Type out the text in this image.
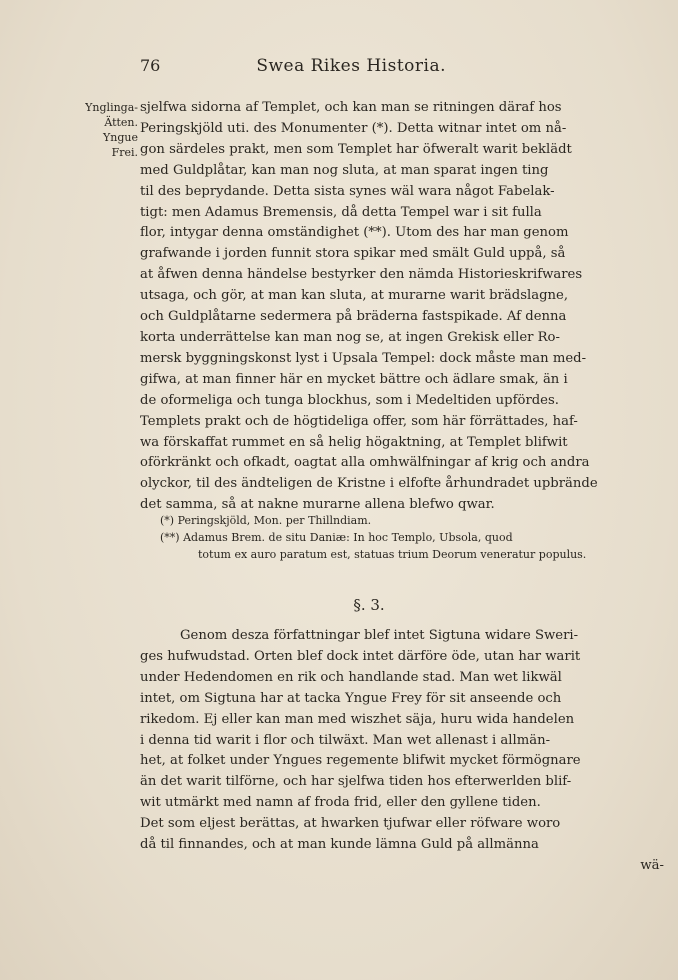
76	Swea Rikes Historia.
Ynglinga-
Ätten.
Yngue
Frei.
sjelfwa sidorna af Templet, och kan man se ritningen däraf hos
Peringskjöld uti. des Monumenter (*). Detta witnar intet om nå-
gon särdeles prakt, men som Templet har öfweralt warit beklädt
med Guldplåtar, kan man nog sluta, at man sparat ingen ting
til des beprydande. Detta sista synes wäl wara något Fabelak-
tigt: men Adamus Bremensis, då detta Tempel war i sit fulla
flor, intygar denna omständighet (**). Utom des har man genom
grafwande i jorden funnit stora spikar med smält Guld uppå, så
at åfwen denna händelse bestyrker den nämda Historieskrifwares
utsaga, och gör, at man kan sluta, at murarne warit brädslagne,
och Guldplåtarne sedermera på bräderna fastspikade. Af denna
korta underrättelse kan man nog se, at ingen Grekisk eller Ro-
mersk byggningskonst lyst i Upsala Tempel: dock måste man med-
gifwa, at man finner här en mycket bättre och ädlare smak, än i
de oformeliga och tunga blockhus, som i Medeltiden upfördes.
Templets prakt och de högtideliga offer, som här förrättades, haf-
wa förskaffat rummet en så helig högaktning, at Templet blifwit
oförkränkt och ofkadt, oagtat alla omhwälfningar af krig och andra
olyckor, til des ändteligen de Kristne i elfofte århundradet upbrände
det samma, så at nakne murarne allena blefwo qwar.
(*) Peringskjöld, Mon. per Thillndiam.
(**) Adamus Brem. de situ Daniæ: In hoc Templo, Ubsola, quod
totum ex auro paratum est, statuas trium Deorum veneratur populus.
§. 3.
Genom desza författningar blef intet Sigtuna widare Sweri-
ges hufwudstad. Orten blef dock intet därföre öde, utan har warit
under Hedendomen en rik och handlande stad. Man wet likwäl
intet, om Sigtuna har at tacka Yngue Frey för sit anseende och
rikedom. Ej eller kan man med wiszhet säja, huru wida handelen
i denna tid warit i flor och tilwäxt. Man wet allenast i allmän-
het, at folket under Yngues regemente blifwit mycket förmögnare
än det warit tilförne, och har sjelfwa tiden hos efterwerlden blif-
wit utmärkt med namn af froda frid, eller den gyllene tiden.
Det som eljest berättas, at hwarken tjufwar eller röfware woro
då til finnandes, och at man kunde lämna Guld på allmänna
wä-
